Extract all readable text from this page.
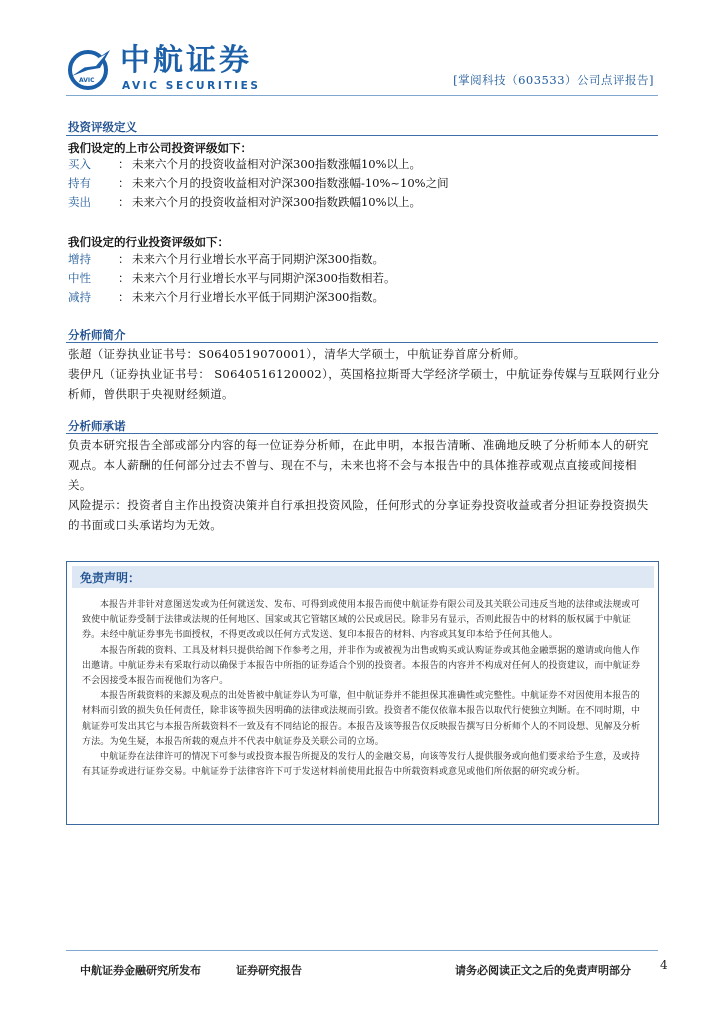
AVIC
中航证券
AVIC SECURITIES	[掌阅科技（603533）公司点评报告]
投资评级定义
我们设定的上市公司投资评级如下：
买入 ： 未来六个月的投资收益相对沪深300指数涨幅10%以上。
持有 ： 未来六个月的投资收益相对沪深300指数涨幅-10%~10%之间
卖出 ： 未来六个月的投资收益相对沪深300指数跌幅10%以上。
我们设定的行业投资评级如下：
增持 ： 未来六个月行业增长水平高于同期沪深300指数。
中性 ： 未来六个月行业增长水平与同期沪深300指数相若。
减持 ： 未来六个月行业增长水平低于同期沪深300指数。
分析师简介

张超（证券执业证书号：S0640519070001），清华大学硕士，中航证券首席分析师。

裴伊凡（证券执业证书号： S0640516120002），英国格拉斯哥大学经济学硕士，中航证券传媒与互联网行业分析师，曾供职于央视财经频道。

分析师承诺

负责本研究报告全部或部分内容的每一位证券分析师，在此申明，本报告清晰、准确地反映了分析师本人的研究观点。本人薪酬的任何部分过去不曾与、现在不与，未来也将不会与本报告中的具体推荐或观点直接或间接相关。

风险提示：投资者自主作出投资决策并自行承担投资风险，任何形式的分享证券投资收益或者分担证券投资损失的书面或口头承诺均为无效。

免责声明：

本报告并非针对意图送发或为任何就送发、发布、可得到或使用本报告而使中航证券有限公司及其关联公司违反当地的法律或法规或可致使中航证券受制于法律或法规的任何地区、国家或其它管辖区域的公民或居民。除非另有显示，否则此报告中的材料的版权属于中航证券。未经中航证券事先书面授权，不得更改或以任何方式发送、复印本报告的材料、内容或其复印本给予任何其他人。

本报告所载的资料、工具及材料只提供给阁下作参考之用，并非作为或被视为出售或购买或认购证券或其他金融票据的邀请或向他人作出邀请。中航证券未有采取行动以确保于本报告中所指的证券适合个别的投资者。本报告的内容并不构成对任何人的投资建议，而中航证券不会因接受本报告而视他们为客户。

本报告所载资料的来源及观点的出处皆被中航证券认为可靠，但中航证券并不能担保其准确性或完整性。中航证券不对因使用本报告的材料而引致的损失负任何责任，除非该等损失因明确的法律或法规而引致。投资者不能仅依靠本报告以取代行使独立判断。在不同时期，中航证券可发出其它与本报告所载资料不一致及有不同结论的报告。本报告及该等报告仅反映报告撰写日分析师个人的不同设想、见解及分析方法。为免生疑，本报告所载的观点并不代表中航证券及关联公司的立场。

中航证券在法律许可的情况下可参与或投资本报告所提及的发行人的金融交易，向该等发行人提供服务或向他们要求给予生意，及或持有其证券或进行证券交易。中航证券于法律容许下可于发送材料前使用此报告中所载资料或意见或他们所依据的研究或分析。

中航证券金融研究所发布	证券研究报告	请务必阅读正文之后的免责声明部分 4
